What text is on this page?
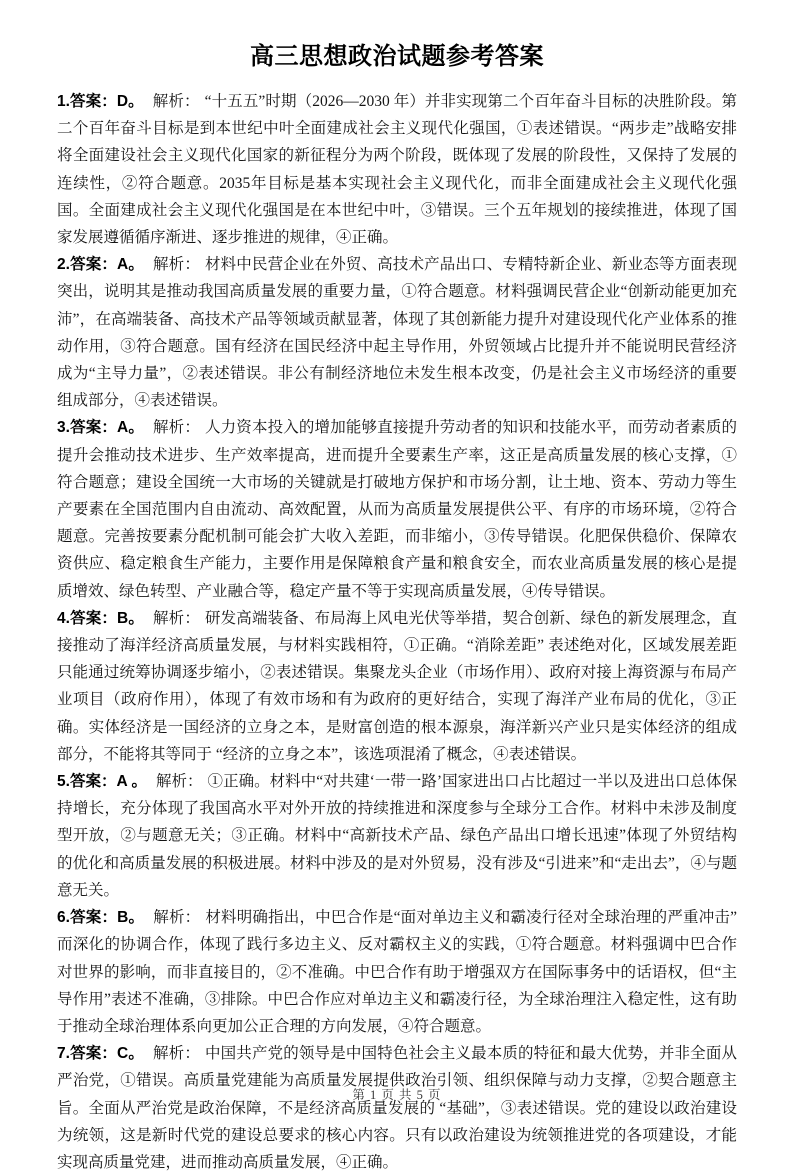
高三思想政治试题参考答案

1.答案：D。 解析： “十五五”时期（2026—2030 年）并非实现第二个百年奋斗目标的决胜阶段。第二个百年奋斗目标是到本世纪中叶全面建成社会主义现代化强国，①表述错误。“两步走”战略安排将全面建设社会主义现代化国家的新征程分为两个阶段，既体现了发展的阶段性，又保持了发展的连续性，②符合题意。2035年目标是基本实现社会主义现代化，而非全面建成社会主义现代化强国。全面建成社会主义现代化强国是在本世纪中叶，③错误。三个五年规划的接续推进，体现了国家发展遵循循序渐进、逐步推进的规律，④正确。

2.答案：A。 解析： 材料中民营企业在外贸、高技术产品出口、专精特新企业、新业态等方面表现突出，说明其是推动我国高质量发展的重要力量，①符合题意。材料强调民营企业“创新动能更加充沛”，在高端装备、高技术产品等领域贡献显著，体现了其创新能力提升对建设现代化产业体系的推动作用，③符合题意。国有经济在国民经济中起主导作用，外贸领域占比提升并不能说明民营经济成为“主导力量”，②表述错误。非公有制经济地位未发生根本改变，仍是社会主义市场经济的重要组成部分，④表述错误。

3.答案：A。 解析： 人力资本投入的增加能够直接提升劳动者的知识和技能水平，而劳动者素质的提升会推动技术进步、生产效率提高，进而提升全要素生产率，这正是高质量发展的核心支撑，①符合题意；建设全国统一大市场的关键就是打破地方保护和市场分割，让土地、资本、劳动力等生产要素在全国范围内自由流动、高效配置，从而为高质量发展提供公平、有序的市场环境，②符合题意。完善按要素分配机制可能会扩大收入差距，而非缩小，③传导错误。化肥保供稳价、保障农资供应、稳定粮食生产能力，主要作用是保障粮食产量和粮食安全，而农业高质量发展的核心是提质增效、绿色转型、产业融合等，稳定产量不等于实现高质量发展，④传导错误。

4.答案：B。 解析： 研发高端装备、布局海上风电光伏等举措，契合创新、绿色的新发展理念，直接推动了海洋经济高质量发展，与材料实践相符，①正确。“消除差距” 表述绝对化，区域发展差距只能通过统筹协调逐步缩小，②表述错误。集聚龙头企业（市场作用）、政府对接上海资源与布局产业项目（政府作用），体现了有效市场和有为政府的更好结合，实现了海洋产业布局的优化，③正确。实体经济是一国经济的立身之本，是财富创造的根本源泉，海洋新兴产业只是实体经济的组成部分，不能将其等同于 “经济的立身之本”，该选项混淆了概念，④表述错误。

5.答案：A 。 解析： ①正确。材料中“对共建‘一带一路’国家进出口占比超过一半以及进出口总体保持增长，充分体现了我国高水平对外开放的持续推进和深度参与全球分工合作。材料中未涉及制度型开放，②与题意无关；③正确。材料中“高新技术产品、绿色产品出口增长迅速”体现了外贸结构的优化和高质量发展的积极进展。材料中涉及的是对外贸易，没有涉及“引进来”和“走出去”，④与题意无关。

6.答案：B。 解析： 材料明确指出，中巴合作是“面对单边主义和霸凌行径对全球治理的严重冲击”而深化的协调合作，体现了践行多边主义、反对霸权主义的实践，①符合题意。材料强调中巴合作对世界的影响，而非直接目的，②不准确。中巴合作有助于增强双方在国际事务中的话语权，但“主导作用”表述不准确，③排除。中巴合作应对单边主义和霸凌行径，为全球治理注入稳定性，这有助于推动全球治理体系向更加公正合理的方向发展，④符合题意。

7.答案：C。 解析： 中国共产党的领导是中国特色社会主义最本质的特征和最大优势，并非全面从严治党，①错误。高质量党建能为高质量发展提供政治引领、组织保障与动力支撑，②契合题意主旨。全面从严治党是政治保障，不是经济高质量发展的 “基础”，③表述错误。党的建设以政治建设为统领，这是新时代党的建设总要求的核心内容。只有以政治建设为统领推进党的各项建设，才能实现高质量党建，进而推动高质量发展，④正确。

第 1 页 共 5 页
